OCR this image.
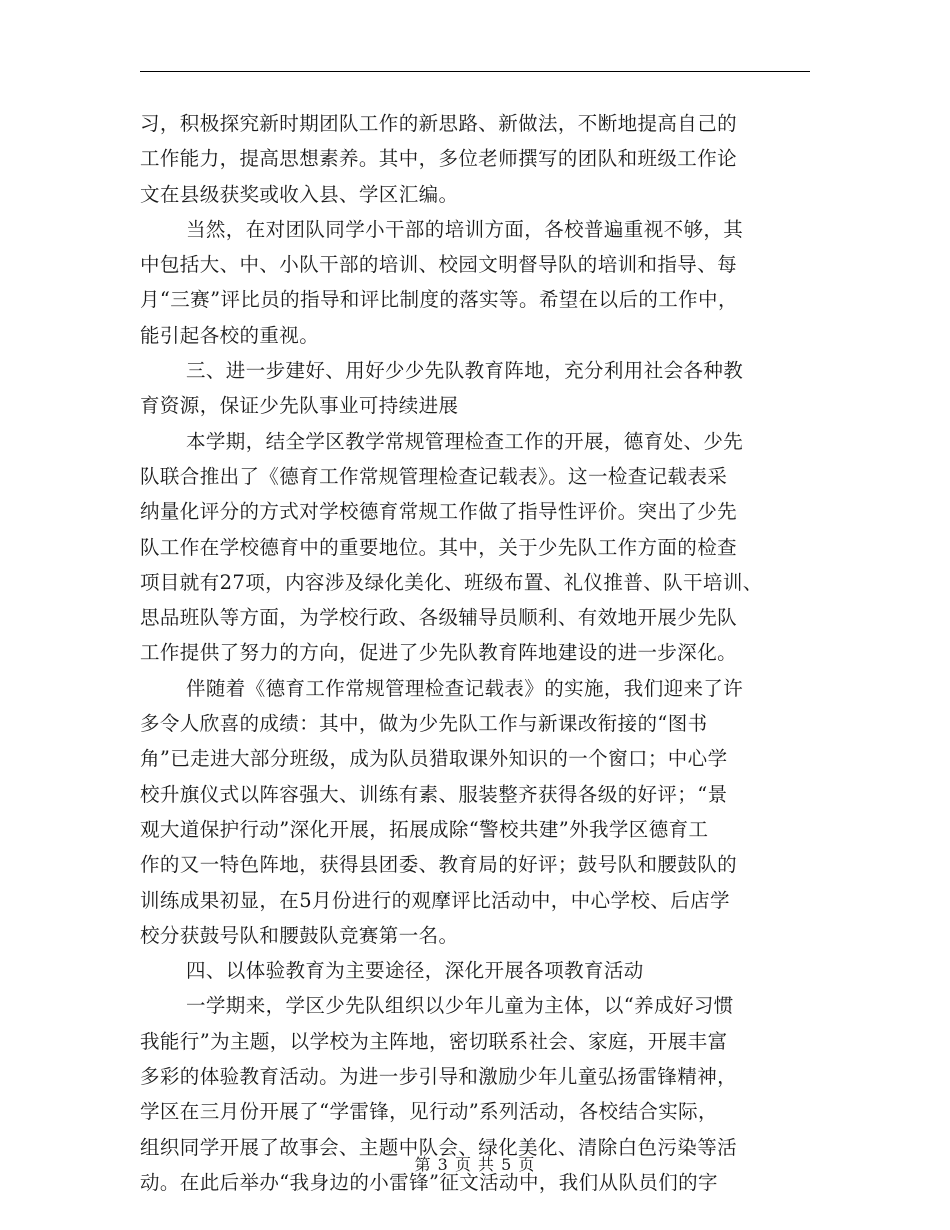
习，积极探究新时期团队工作的新思路、新做法，不断地提高自己的
工作能力，提高思想素养。其中，多位老师撰写的团队和班级工作论
文在县级获奖或收入县、学区汇编。
当然，在对团队同学小干部的培训方面，各校普遍重视不够，其
中包括大、中、小队干部的培训、校园文明督导队的培训和指导、每
月“三赛”评比员的指导和评比制度的落实等。希望在以后的工作中，
能引起各校的重视。
三、进一步建好、用好少少先队教育阵地，充分利用社会各种教
育资源，保证少先队事业可持续进展
本学期，结全学区教学常规管理检查工作的开展，德育处、少先
队联合推出了《德育工作常规管理检查记载表》。这一检查记载表采
纳量化评分的方式对学校德育常规工作做了指导性评价。突出了少先
队工作在学校德育中的重要地位。其中，关于少先队工作方面的检查
项目就有27项，内容涉及绿化美化、班级布置、礼仪推普、队干培训、
思品班队等方面，为学校行政、各级辅导员顺利、有效地开展少先队
工作提供了努力的方向，促进了少先队教育阵地建设的进一步深化。
伴随着《德育工作常规管理检查记载表》的实施，我们迎来了许
多令人欣喜的成绩：其中，做为少先队工作与新课改衔接的“图书
角”已走进大部分班级，成为队员猎取课外知识的一个窗口；中心学
校升旗仪式以阵容强大、训练有素、服装整齐获得各级的好评；“景
观大道保护行动”深化开展，拓展成除“警校共建”外我学区德育工
作的又一特色阵地，获得县团委、教育局的好评；鼓号队和腰鼓队的
训练成果初显，在5月份进行的观摩评比活动中，中心学校、后店学
校分获鼓号队和腰鼓队竞赛第一名。
四、以体验教育为主要途径，深化开展各项教育活动
一学期来，学区少先队组织以少年儿童为主体，以“养成好习惯
我能行”为主题，以学校为主阵地，密切联系社会、家庭，开展丰富
多彩的体验教育活动。为进一步引导和激励少年儿童弘扬雷锋精神，
学区在三月份开展了“学雷锋，见行动”系列活动，各校结合实际，
组织同学开展了故事会、主题中队会、绿化美化、清除白色污染等活
动。在此后举办“我身边的小雷锋”征文活动中，我们从队员们的字
第 3 页 共 5 页
